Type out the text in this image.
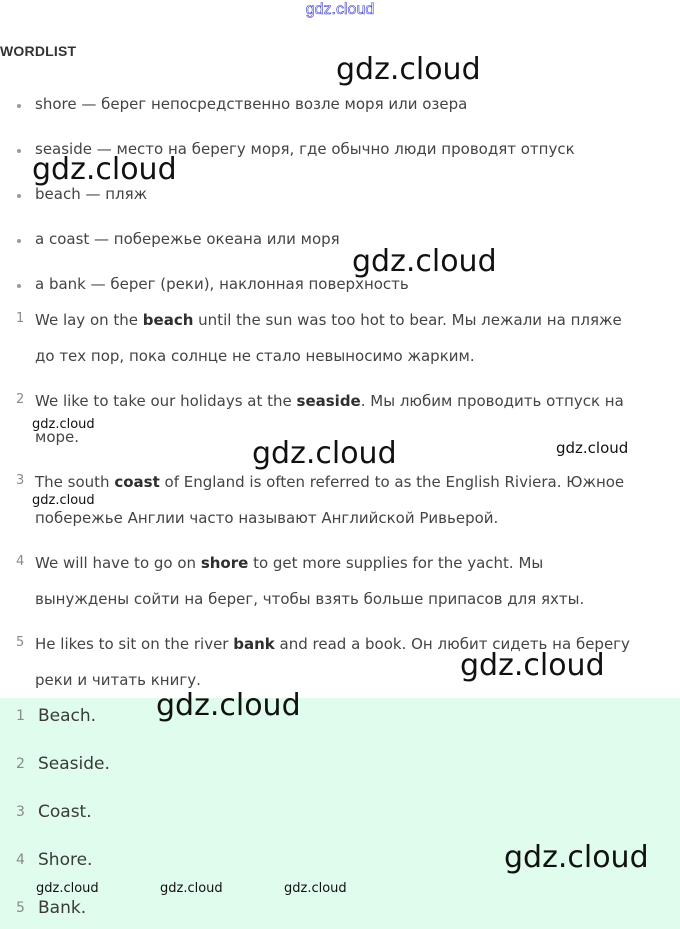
gdz.cloud
WORDLIST
shore — берег непосредственно возле моря или озера
seaside — место на берегу моря, где обычно люди проводят отпуск
beach — пляж
a coast — побережье океана или моря
a bank — берег (реки), наклонная поверхность
1 We lay on the beach until the sun was too hot to bear. Мы лежали на пляже
до тех пор, пока солнце не стало невыносимо жарким.
2 We like to take our holidays at the seaside. Мы любим проводить отпуск на
море.
3 The south coast of England is often referred to as the English Riviera. Южное
побережье Англии часто называют Английской Ривьерой.
4 We will have to go on shore to get more supplies for the yacht. Мы
вынуждены сойти на берег, чтобы взять больше припасов для яхты.
5 He likes to sit on the river bank and read a book. Он любит сидеть на берегу
реки и читать книгу.
1 Beach.
2 Seaside.
3 Coast.
4 Shore.
5 Bank.
gdz.cloud
gdz.cloud
gdz.cloud
gdz.cloud
gdz.cloud
gdz.cloud
gdz.cloud
gdz.cloud
gdz.cloud
gdz.cloud
gdz.cloud	gdz.cloud	gdz.cloud
